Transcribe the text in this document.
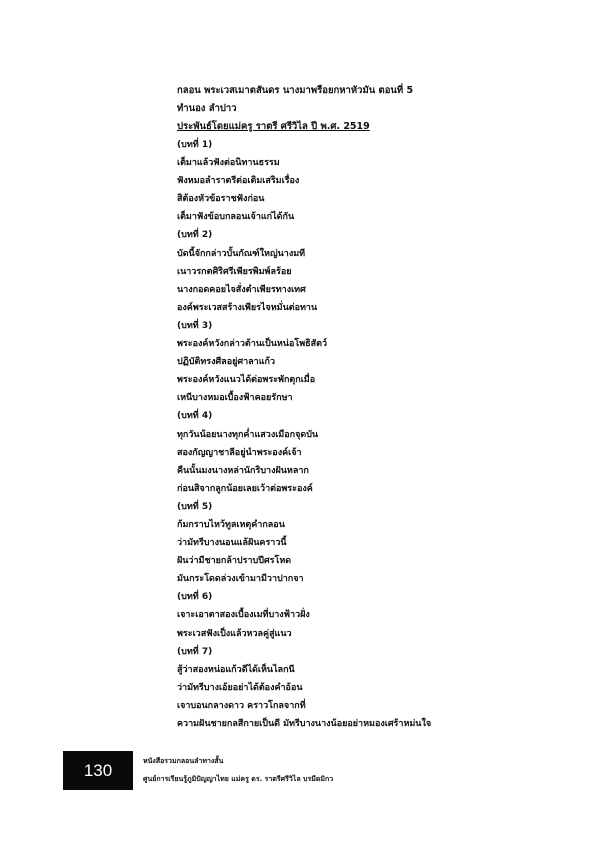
กลอน พระเวสเมาตสันดร นางมาพรือยกหาหัวมัน ตอนที่ 5
ทำนอง ลำปาว
ประพันธ์โดยแม่ครู ราตรี ศรีวิไล ปี พ.ศ. 2519
(บทที่ 1)
เต็มาแล้วฟังต่อนิทานธรรม
ฟังหมอลำราตรีต่อเติมเสริมเรื่อง
สิต้องหัวข้อราชฟังก่อน
เต็มาฟังข้อบกลอนเจ้าแก่ได้กัน
(บทที่ 2)
บัดนี้จักกล่าวบั้นกัณฑ์ใหญ่นางมที
เนาวรกตศิริศรีเพียรพิมพ์ลร้อย
นางกอดคอยไจสั่งตำเพียรทางเทศ
องค์พระเวสสร้างเพียรไจหมั่นต่อทาน
(บทที่ 3)
พระองค์หวังกล่าวต้านเป็นหน่อโพธิสัตว์
ปฏิบัติทรงศีลอยู่ศาลาแก้ว
พระองค์หวังแนวได้ต่อพระพักตุกเมื่อ
เหนีบางหมอเบื้องฟ้าคอยรักษา
(บทที่ 4)
ทุกวันน้อยนางทุกค่ำแสวงเมือกจุดบัน
สองกัญญาชาลีอยู่นำพระองค์เจ้า
คืนนั้นมงนางหล่านักริบางฝันหลาก
ก่อนสิจากลูกน้อยเลยเว้าต่อพระองค์
(บทที่ 5)
ก้มกราบไหว้ทูลเหตุคำกลอน
ว่ามัทรีบางนอนแล้ฝันคราวนี้
ฝันว่ามีชายกล้าปราบปีศรโหด
มันกระโดดล่วงเข้ามามีวาปากจา
(บทที่ 6)
เจาะเอาตาสองเบื้องเมที่บางฟ้าวฝั่ง
พระเวสฟังเป็งแล้วหวลคู่สู่แนว
(บทที่ 7)
สู้ว่าสองหน่อแก้วดีได้เห็นไลกนี
ว่ามัทรีบางเอ้ยอย่าได้ต้องคำอ้อน
เจาบอนกลางดาว คราวโกลจากที่
ความฝันชายกลสีกายเป็นดี มัทรีบางนางน้อยอย่าหมองเศร้าหม่นใจ
130	หนังสือรวมกลอนลำทางสั้น
ศูนย์การเรียนรู้ภูมิปัญญาไทย แม่ครู ดร. ราตรีศรีวิไล บรมีดมิกว
